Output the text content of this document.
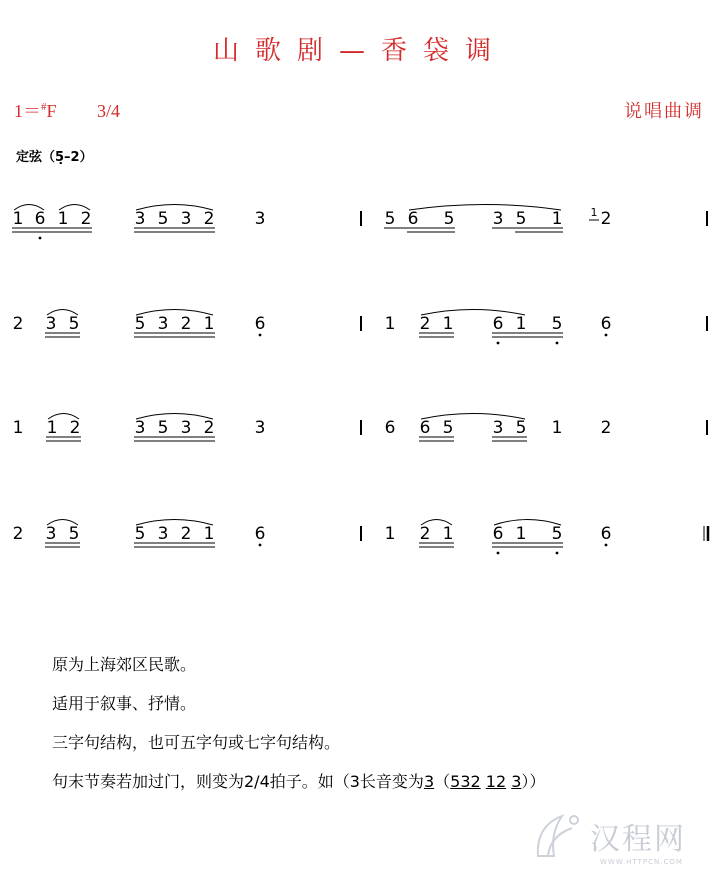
山歌剧—香袋调
1＝#F 3/4	说唱曲调
定弦（5̣–2）
1 6 1 2	3 5 3 2 3	5 6 5 3 5 1 2
1
2 3 5	5 3 2 1 6	1 2 1 6 1 5 6
1 1 2	3 5 3 2 3	6 6 5 3 5 1 2
2 3 5	5 3 2 1 6	1 2 1 6 1 5 6

原为上海郊区民歌。

适用于叙事、抒情。

三字句结构，也可五字句或七字句结构。

句末节奏若加过门，则变为2/4拍子。如（3长音变为3（532 12 3））

汉程网
WWW.HTTPCN.COM
